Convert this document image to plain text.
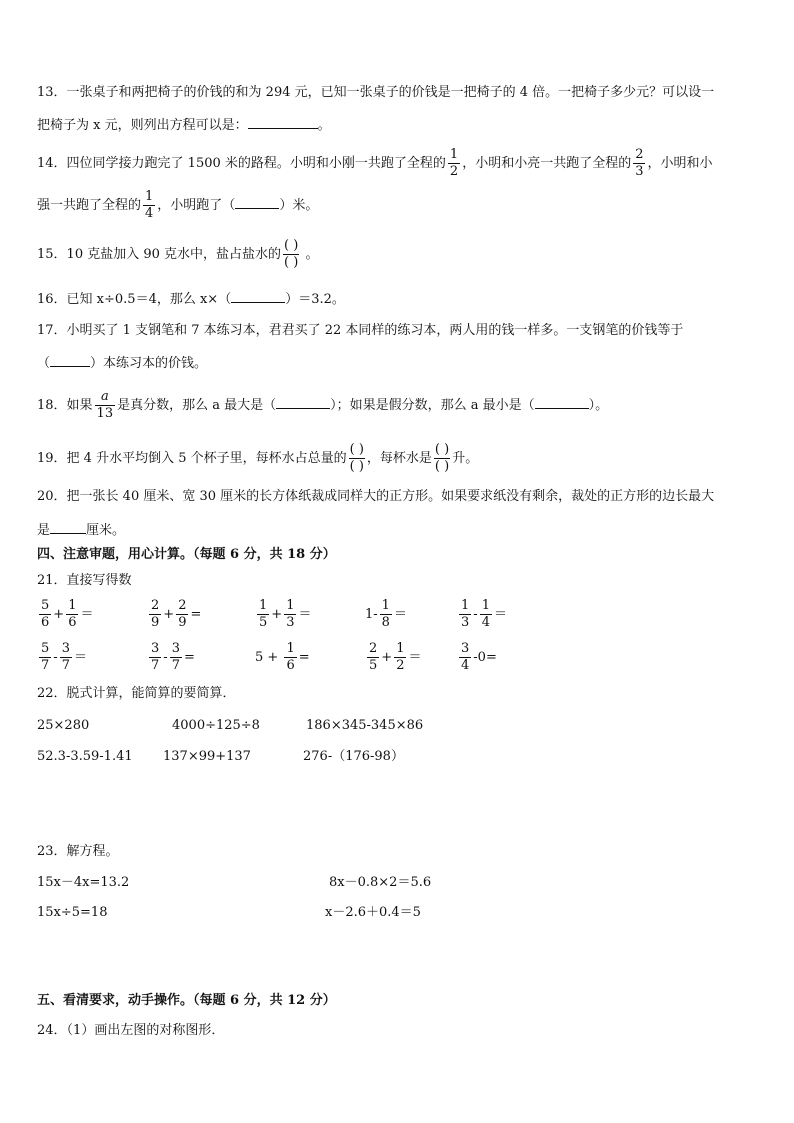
13．一张桌子和两把椅子的价钱的和为 294 元，已知一张桌子的价钱是一把椅子的 4 倍。一把椅子多少元？可以设一
把椅子为 x 元，则列出方程可以是：	。
14．四位同学接力跑完了 1500 米的路程。小明和小刚一共跑了全程的 $\frac{1}{2}$ ，小明和小亮一共跑了全程的 $\frac{2}{3}$ ，小明和小
强一共跑了全程的 $\frac{1}{4}$ ，小明跑了（	）米。
15．10 克盐加入 90 克水中，盐占盐水的 $\frac{( )}{( )}$ 。
16．已知 x÷0.5＝4，那么 x×（	）＝3.2。
17．小明买了 1 支钢笔和 7 本练习本，君君买了 22 本同样的练习本，两人用的钱一样多。一支钢笔的价钱等于
（	）本练习本的价钱。
18．如果 $\frac{a}{13}$ 是真分数，那么 a 最大是（	）；如果是假分数，那么 a 最小是（	）。
19．把 4 升水平均倒入 5 个杯子里，每杯水占总量的 $\frac{( )}{( )}$ ，每杯水是 $\frac{( )}{( )}$ 升。
20．把一张长 40 厘米、宽 30 厘米的长方体纸裁成同样大的正方形。如果要求纸没有剩余，裁处的正方形的边长最大
是	厘米。
四、注意审题，用心计算。（每题 6 分，共 18 分）
21．直接写得数
$\frac{5}{6} + \frac{1}{6}$ ＝	$\frac{2}{9} + \frac{2}{9}$ =	$\frac{1}{5} + \frac{1}{3}$ ＝	$1- \frac{1}{8}$ ＝	$\frac{1}{3} - \frac{1}{4}$ ＝
$\frac{5}{7} - \frac{3}{7}$ ＝	$\frac{3}{7} - \frac{3}{7}$ =	$5 + \frac{1}{6}$ =	$\frac{2}{5} + \frac{1}{2}$ ＝	$\frac{3}{4} -0=$
22．脱式计算，能简算的要简算．
25×280	4000÷125÷8	186×345-345×86
52.3-3.59-1.41 137×99+137	276-（176-98）
23．解方程。
15x－4x=13.2	8x－0.8×2＝5.6
15x÷5=18	x－2.6＋0.4＝5
五、看清要求，动手操作。（每题 6 分，共 12 分）
24．（1）画出左图的对称图形．
